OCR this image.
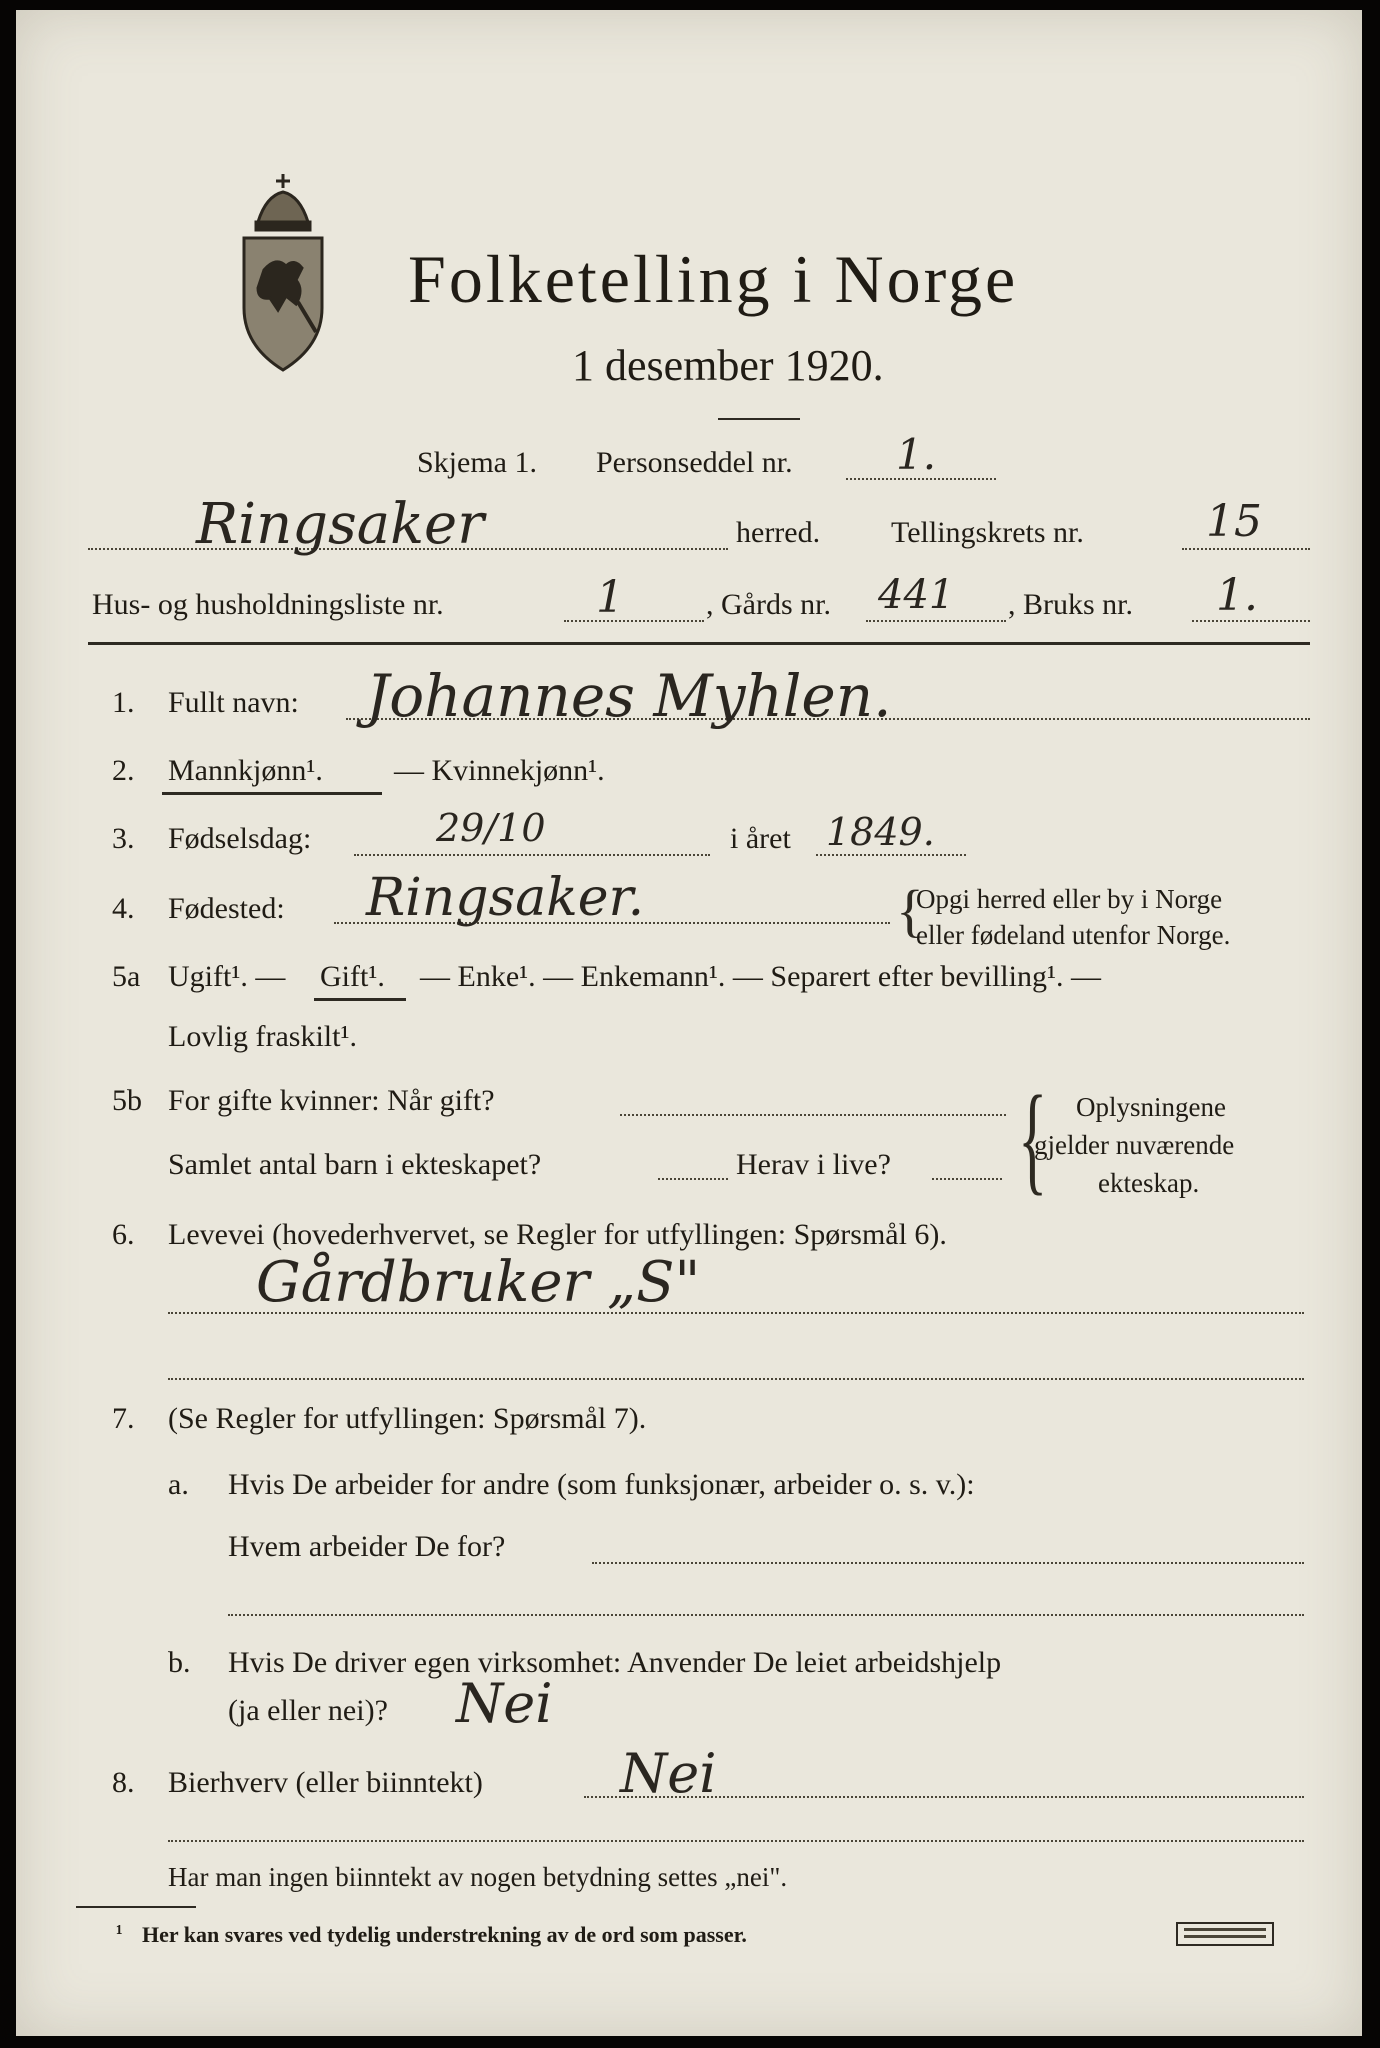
Folketelling i Norge
1 desember 1920.
Skjema 1. Personseddel nr. 1.
Ringsaker	herred. Tellingskrets nr.	15
Hus- og husholdningsliste nr.	1	, Gårds nr. 441 , Bruks nr. 1.
1. Fullt navn: Johannes Myhlen.
2. Mannkjønn¹. — Kvinnekjønn¹.
3. Fødselsdag:	29/10	i året 1849.
4. Fødested: Ringsaker.	{
Opgi herred eller by i Norge
eller fødeland utenfor Norge.
5a Ugift¹. — Gift¹. — Enke¹. — Enkemann¹. — Separert efter bevilling¹. —
Lovlig fraskilt¹.
5b For gifte kvinner: Når gift?
Samlet antal barn i ekteskapet?	Herav i live? { Oplysningene
gjelder nuværende
ekteskap.
6. Levevei (hovederhvervet, se Regler for utfyllingen: Spørsmål 6).
Gårdbruker „S"
7. (Se Regler for utfyllingen: Spørsmål 7).
a. Hvis De arbeider for andre (som funksjonær, arbeider o. s. v.):
Hvem arbeider De for?
b. Hvis De driver egen virksomhet: Anvender De leiet arbeidshjelp
(ja eller nei)? Nei
8. Bierhverv (eller biinntekt)	Nei
Har man ingen biinntekt av nogen betydning settes „nei".
¹ Her kan svares ved tydelig understrekning av de ord som passer.
